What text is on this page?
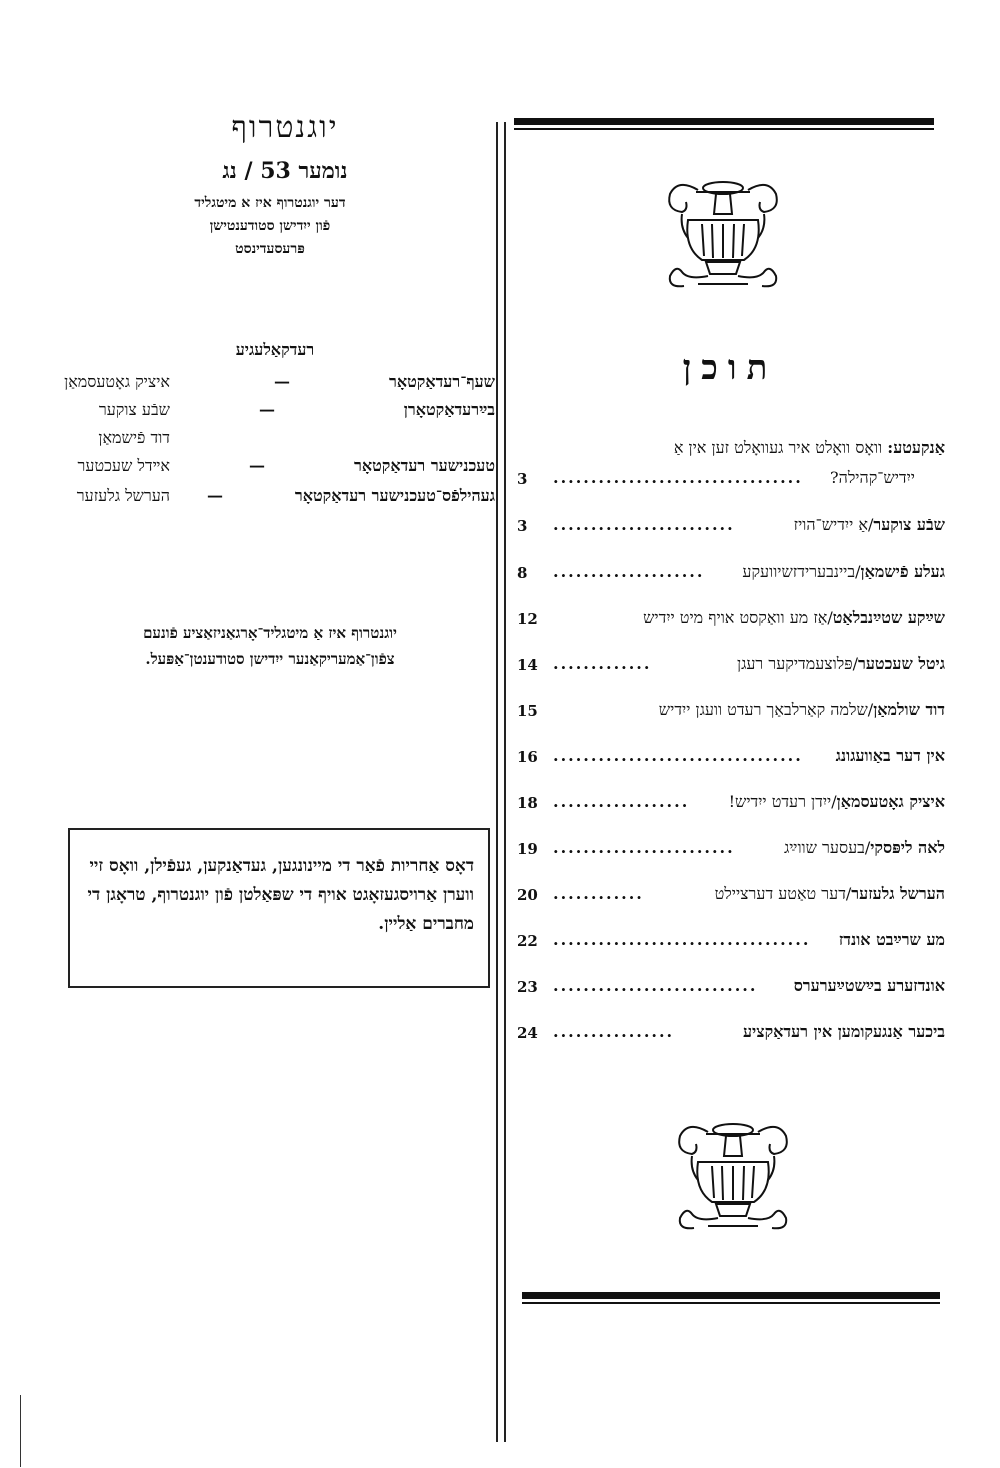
יוגנטרוף
נומער 53 / נג
דער יוגנטרוף איז א מיטגליד
פֿון ייִדישן סטודענטישן
פּרעסעדינסט
רעדקאַלעגיע
שעף־רעדאַקטאָר
—
איציק גאָטעסמאַן
בײַרעדאַקטאָרן
—
שבֿע צוקער
דוד פֿישמאַן
טעכנישער רעדאַקטאָר
—
אײדל שעכטער
געהילפֿס־טעכנישער רעדאַקטאָר
—
הערשל גלעזער
יוגנטרוף איז אַ מיטגליד־אָרגאַניזאַציע פֿונעם
צפֿון־אַמעריקאַנער ייִדישן סטודענטן־אַפּעל.

דאָס אַחריות פֿאַר די מיינונגען, געדאַנקען, געפֿילן, וואָס זיי ווערן אַרויסגעזאָגט אויף די שפּאַלטן פֿון יוגנטרוף, טראָגן די מחברים אַליין.

תוכן
אַנקעטע: וואָס וואָלט איר געוואָלט זען אין אַ
ייִדיש־קהילה?
.................................
3
שבֿע צוקער/אַ ייִדיש־הויז
........................
3
געלע פֿישמאַן/ביינבערידזשיוועקע
....................
8
שײַקע שטײַנבלאַט/אַז מע וואַקסט אויף מיט ייִדיש
12
גיטל שעכטער/פּלוצעמדיקער רעגן
.............
14
דוד שולמאַן/שלמה קאַרלבאַך רעדט וועגן ייִדיש
15
אין דער באַוועגונג
.................................
16
איציק גאָטעסמאַן/ייִדן רעדט ייִדיש!
..................
18
לאה ליפּסקי/בעסער שווײַג
........................
19
הערשל גלעזער/דער טאַטע דערציילט
............
20
מע שרײַבט אונדז
..................................
22
אונדזערע בײַשטײַערערס
...........................
23
ביכער אַנגעקומען אין רעדאַקציע
................
24
